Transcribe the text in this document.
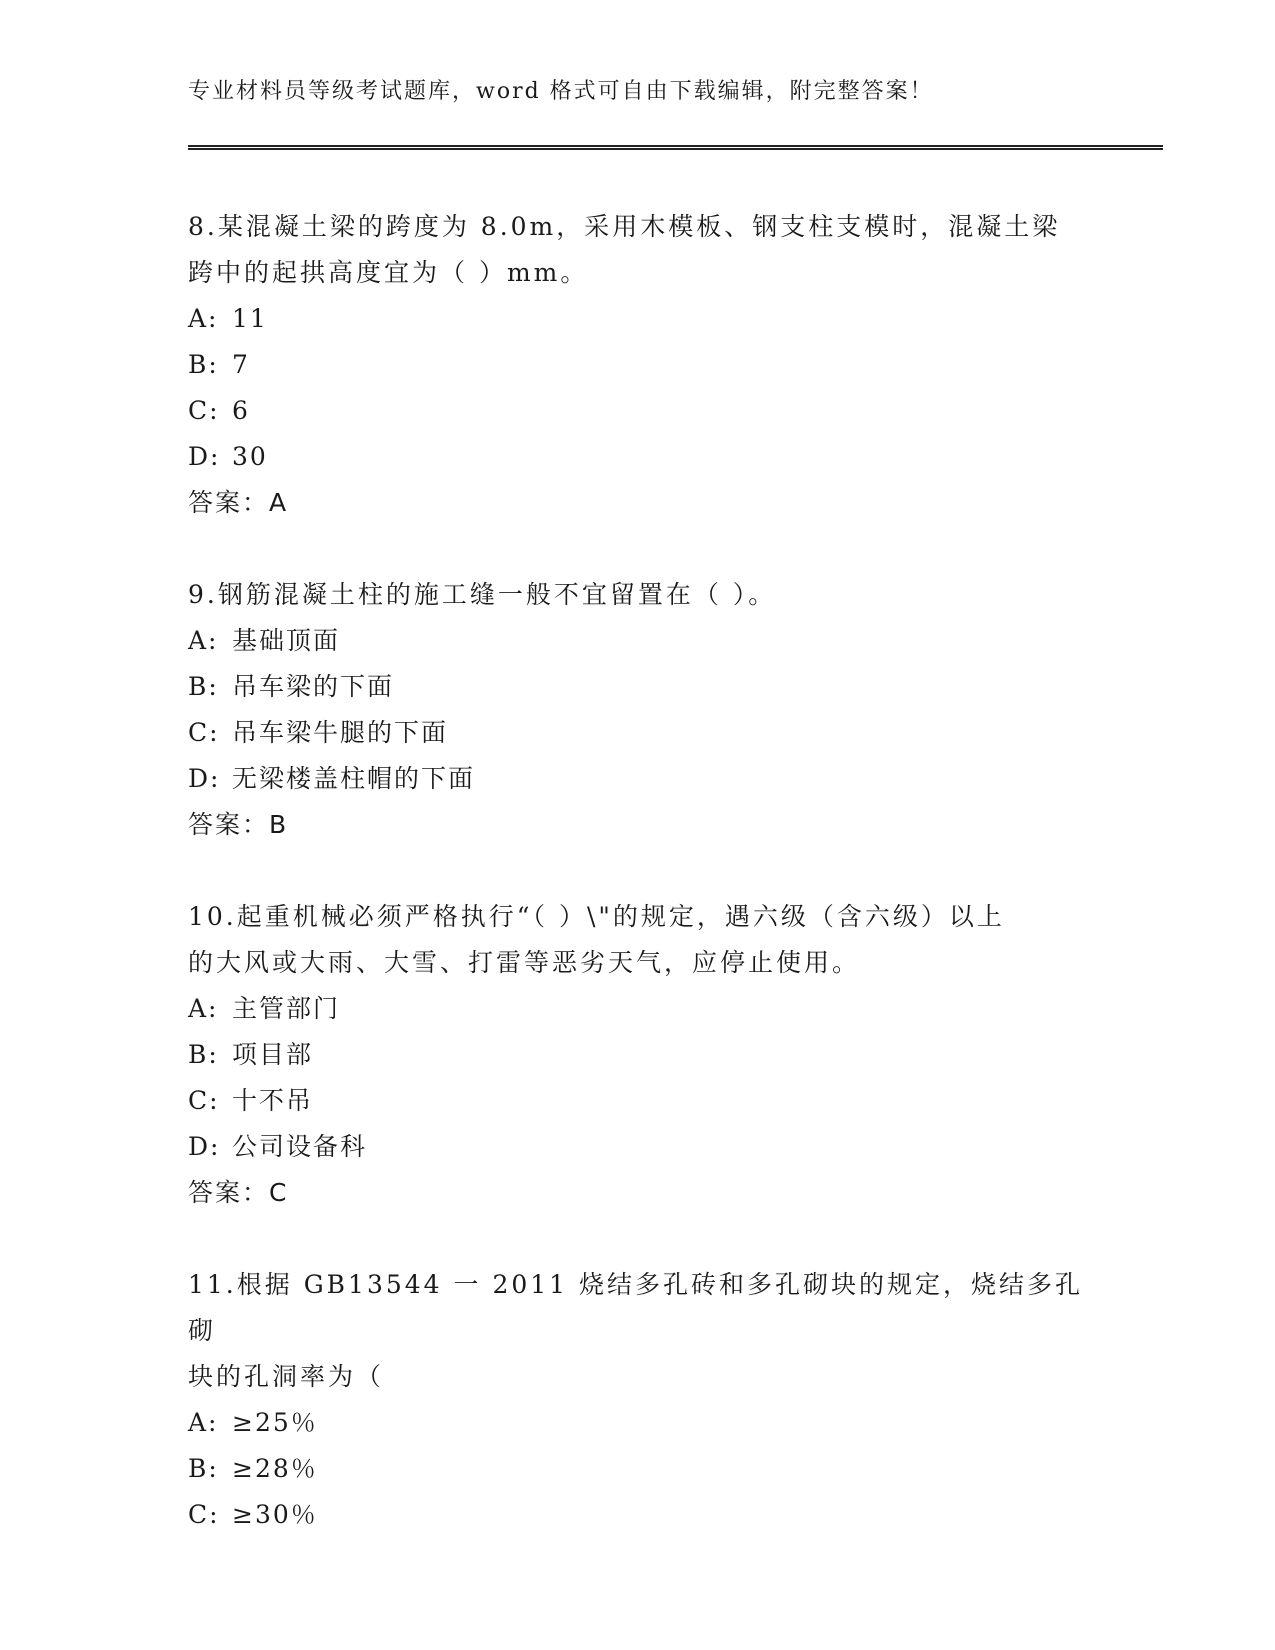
专业材料员等级考试题库，word 格式可自由下载编辑，附完整答案！
8.某混凝土梁的跨度为 8.0m，采用木模板、钢支柱支模时，混凝土梁
跨中的起拱高度宜为（ ）mm。
A: 11
B: 7
C: 6
D: 30
答案：A
9.钢筋混凝土柱的施工缝一般不宜留置在（ ）。
A: 基础顶面
B: 吊车梁的下面
C: 吊车梁牛腿的下面
D: 无梁楼盖柱帽的下面
答案：B
10.起重机械必须严格执行“（ ）\"的规定，遇六级（含六级）以上
的大风或大雨、大雪、打雷等恶劣天气，应停止使用。
A: 主管部门
B: 项目部
C: 十不吊
D: 公司设备科
答案：C
11.根据 GB13544 一 2011 烧结多孔砖和多孔砌块的规定，烧结多孔砌
块的孔洞率为（
A: ≥25％
B: ≥28％
C: ≥30％
